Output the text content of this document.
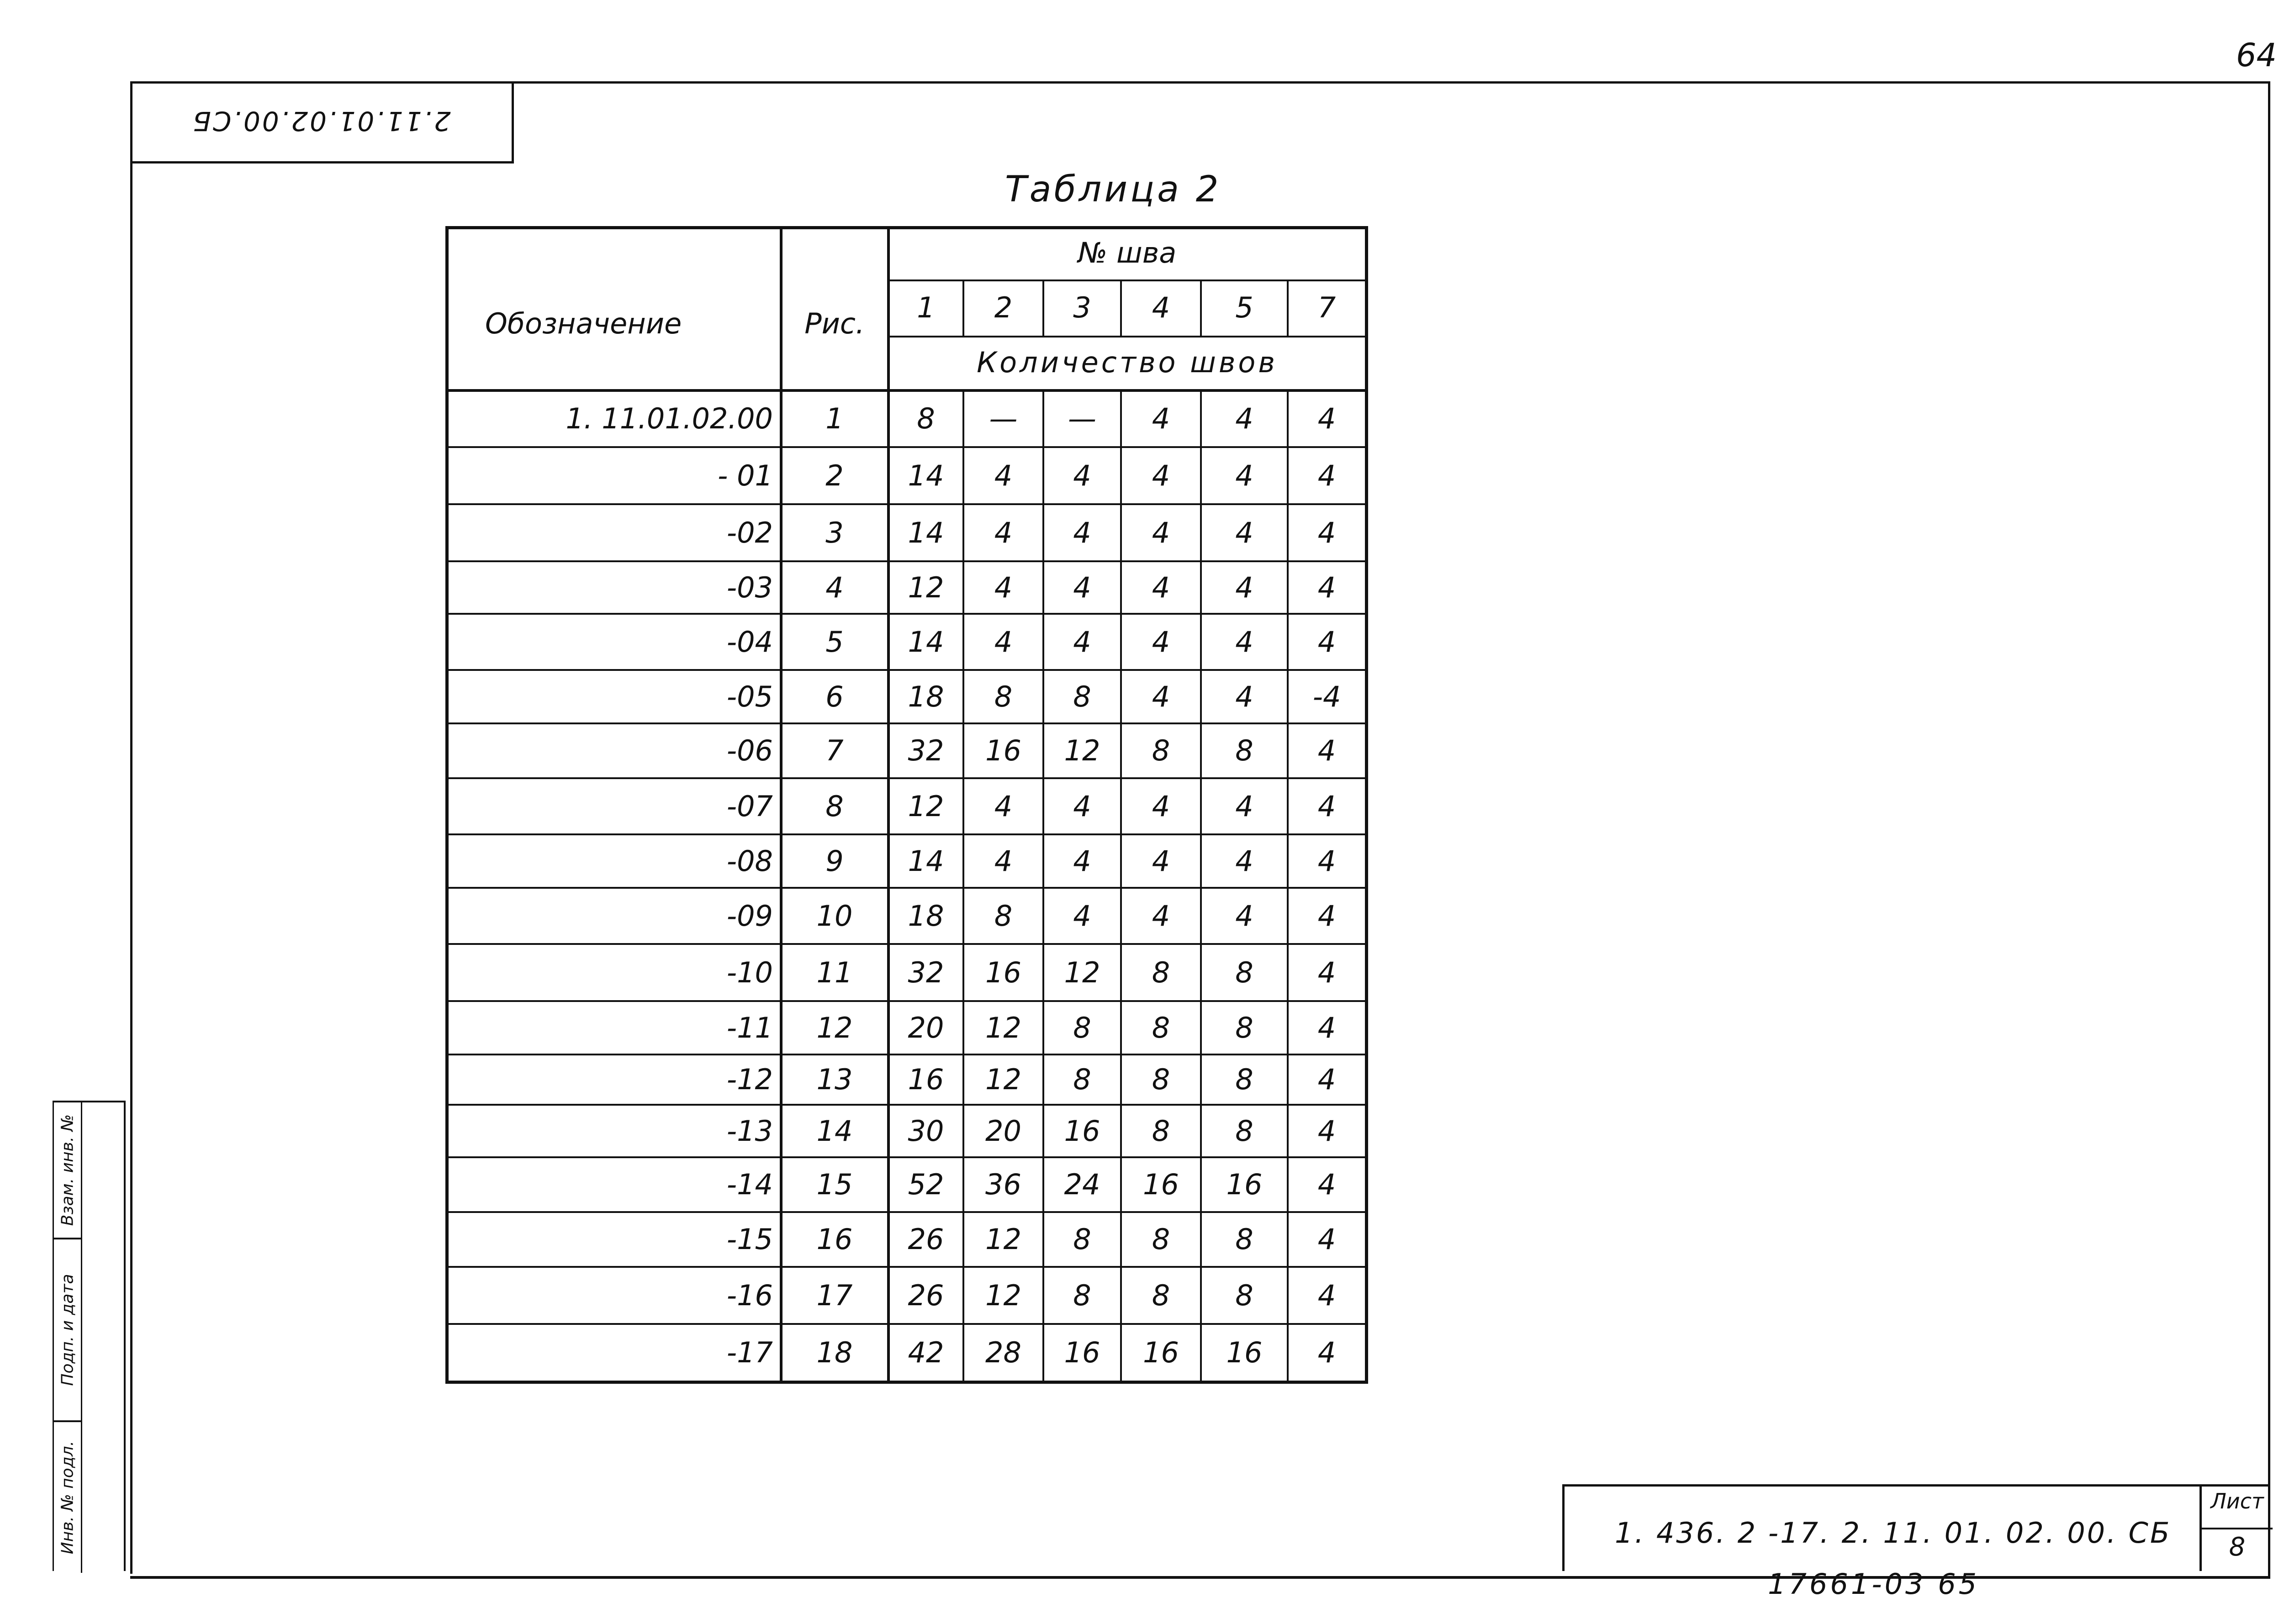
64
2.11.01.02.00.СБ
Взам. инв. №
Подп. и дата
Инв. № подл.
Таблица 2
Обозначение	Рис.
№ шва
1	2	3	4	5	7
Количество швов
1. 11.01.02.00	1	8	—	—	4	4	4
- 01	2	14	4	4	4	4	4
-02	3	14	4	4	4	4	4
-03	4	12	4	4	4	4	4
-04	5	14	4	4	4	4	4
-05	6	18	8	8	4	4	-4
-06	7	32	16	12	8	8	4
-07	8	12	4	4	4	4	4
-08	9	14	4	4	4	4	4
-09	10	18	8	4	4	4	4
-10	11	32	16	12	8	8	4
-11	12	20	12	8	8	8	4
-12	13	16	12	8	8	8	4
-13	14	30	20	16	8	8	4
-14	15	52	36	24	16	16	4
-15	16	26	12	8	8	8	4
-16	17	26	12	8	8	8	4
-17	18	42	28	16	16	16	4
1. 436. 2 -17. 2. 11. 01. 02. 00. СБ
Лист
8
17661-03 65
